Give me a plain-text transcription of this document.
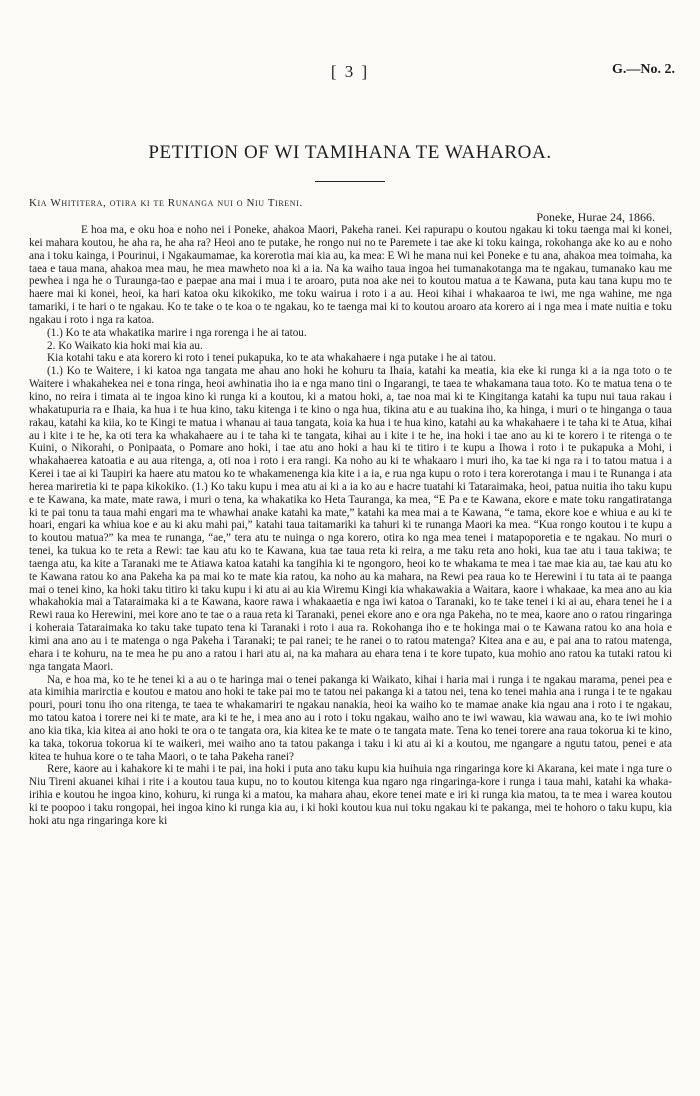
[ 3 ]	G.—No. 2.
PETITION OF WI TAMIHANA TE WAHAROA.
Kia Whititera, otira ki te Runanga nui o Niu Tireni.
Poneke, Hurae 24, 1866.

E hoa ma, e oku hoa e noho nei i Poneke, ahakoa Maori, Pakeha ranei. Kei rapurapu o koutou ngakau ki toku taenga mai ki konei, kei mahara koutou, he aha ra, he aha ra? Heoi ano te putake, he rongo nui no te Paremete i tae ake ki toku kainga, rokohanga ake ko au e noho ana i toku kainga, i Pourinui, i Ngakaumamae, ka korerotia mai kia au, ka mea: E Wi he mana nui kei Poneke e tu ana, ahakoa mea toimaha, ka taea e taua mana, ahakoa mea mau, he mea mawheto noa ki a ia. Na ka waiho taua ingoa hei tumanakotanga ma te ngakau, tumanako kau me pewhea i nga he o Turaunga-tao e paepae ana mai i mua i te aroaro, puta noa ake nei to koutou matua a te Kawana, puta kau tana kupu mo te haere mai ki konei, heoi, ka hari katoa oku kikokiko, me toku wairua i roto i a au. Heoi kihai i whakaaroa te iwi, me nga wahine, me nga tamariki, i te hari o te ngakau. Ko te take o te koa o te ngakau, ko te taenga mai ki to koutou aroaro ata korero ai i nga mea i mate nuitia e toku ngakau i roto i nga ra katoa.

(1.) Ko te ata whakatika marire i nga rorenga i he ai tatou.

2. Ko Waikato kia hoki mai kia au.

Kia kotahi taku e ata korero ki roto i tenei pukapuka, ko te ata whakahaere i nga putake i he ai tatou.

(1.) Ko te Waitere, i ki katoa nga tangata me ahau ano hoki he kohuru ta Ihaia, katahi ka meatia, kia eke ki runga ki a ia nga toto o te Waitere i whakahekea nei e tona ringa, heoi awhinatia iho ia e nga mano tini o Ingarangi, te taea te whakamana taua toto. Ko te matua tena o te kino, no reira i timata ai te ingoa kino ki runga ki a koutou, ki a matou hoki, a, tae noa mai ki te Kingitanga katahi ka tupu nui taua rakau i whakatupuria ra e Ihaia, ka hua i te hua kino, taku kitenga i te kino o nga hua, tikina atu e au tuakina iho, ka hinga, i muri o te hinganga o taua rakau, katahi ka kiia, ko te Kingi te matua i whanau ai taua tangata, koia ka hua i te hua kino, katahi au ka whakahaere i te taha ki te Atua, kihai au i kite i te he, ka oti tera ka whakahaere au i te taha ki te tangata, kihai au i kite i te he, ina hoki i tae ano au ki te korero i te ritenga o te Kuini, o Nikorahi, o Ponipaata, o Pomare ano hoki, i tae atu ano hoki a hau ki te titiro i te kupu a Ihowa i roto i te pukapuka a Mohi, i whakahaerea katoatia e au aua ritenga, a, oti noa i roto i era rangi. Ka noho au ki te whakaaro i muri iho, ka tae ki nga ra i to tatou matua i a Kerei i tae ai ki Taupiri ka haere atu matou ko te whakamenenga kia kite i a ia, e rua nga kupu o roto i tera korerotanga i mau i te Runanga i ata herea mariretia ki te papa kikokiko. (1.) Ko taku kupu i mea atu ai ki a ia ko au e hacre tuatahi ki Tataraimaka, heoi, patua nuitia iho taku kupu e te Kawana, ka mate, mate rawa, i muri o tena, ka whakatika ko Heta Tauranga, ka mea, “E Pa e te Kawana, ekore e mate toku rangatiratanga ki te pai tonu ta taua mahi engari ma te whawhai anake katahi ka mate,” katahi ka mea mai a te Kawana, “e tama, ekore koe e whiua e au ki te hoari, engari ka whiua koe e au ki aku mahi pai,” katahi taua taitamariki ka tahuri ki te runanga Maori ka mea. “Kua rongo koutou i te kupu a to koutou matua?” ka mea te runanga, “ae,” tera atu te nuinga o nga korero, otira ko nga mea tenei i matapoporetia e te ngakau. No muri o tenei, ka tukua ko te reta a Rewi: tae kau atu ko te Kawana, kua tae taua reta ki reira, a me taku reta ano hoki, kua tae atu i taua takiwa; te taenga atu, ka kite a Taranaki me te Atiawa katoa katahi ka tangihia ki te ngongoro, heoi ko te whakama te mea i tae mae kia au, tae kau atu ko te Kawana ratou ko ana Pakeha ka pa mai ko te mate kia ratou, ka noho au ka mahara, na Rewi pea raua ko te Herewini i tu tata ai te paanga mai o tenei kino, ka hoki taku titiro ki taku kupu i ki atu ai au kia Wiremu Kingi kia whakawakia a Waitara, kaore i whakaae, ka mea ano au kia whakahokia mai a Tataraimaka ki a te Kawana, kaore rawa i whakaaetia e nga iwi katoa o Taranaki, ko te take tenei i ki ai au, ehara tenei he i a Rewi raua ko Herewini, mei kore ano te tae o a raua reta ki Taranaki, penei ekore ano e ora nga Pakeha, no te mea, kaore ano o ratou ringaringa i koheraia Tataraimaka ko taku take tupato tena ki Taranaki i roto i aua ra. Rokohanga iho e te hokinga mai o te Kawana ratou ko ana hoia e kimi ana ano au i te matenga o nga Pakeha i Taranaki; te pai ranei; te he ranei o to ratou matenga? Kitea ana e au, e pai ana to ratou matenga, ehara i te kohuru, na te mea he pu ano a ratou i hari atu ai, na ka mahara au ehara tena i te kore tupato, kua mohio ano ratou ka tutaki ratou ki nga tangata Maori.

Na, e hoa ma, ko te he tenei ki a au o te haringa mai o tenei pakanga ki Waikato, kihai i haria mai i runga i te ngakau marama, penei pea e ata kimihia marirctia e koutou e matou ano hoki te take pai mo te tatou nei pakanga ki a tatou nei, tena ko tenei mahia ana i runga i te te ngakau pouri, pouri tonu iho ona ritenga, te taea te whakamariri te ngakau nanakia, heoi ka waiho ko te mamae anake kia ngau ana i roto i te ngakau, mo tatou katoa i torere nei ki te mate, ara ki te he, i mea ano au i roto i toku ngakau, waiho ano te iwi wawau, kia wawau ana, ko te iwi mohio ano kia tika, kia kitea ai ano hoki te ora o te tangata ora, kia kitea ke te mate o te tangata mate. Tena ko tenei torere ana raua tokorua ki te kino, ka taka, tokorua tokorua ki te waikeri, mei waiho ano ta tatou pakanga i taku i ki atu ai ki a koutou, me ngangare a ngutu tatou, penei e ata kitea te huhua kore o te taha Maori, o te taha Pakeha ranei?

Rere, kaore au i kahakore ki te mahi i te pai, ina hoki i puta ano taku kupu kia huihuia nga ringaringa kore ki Akarana, kei mate i nga ture o Niu Tireni akuanei kihai i rite i a koutou taua kupu, no to koutou kitenga kua ngaro nga ringaringa-kore i runga i taua mahi, katahi ka whaka-irihia e koutou he ingoa kino, kohuru, ki runga ki a matou, ka mahara ahau, ekore tenei mate e iri ki runga kia matou, ta te mea i warea koutou ki te poopoo i taku rongopai, hei ingoa kino ki runga kia au, i ki hoki koutou kua nui toku ngakau ki te pakanga, mei te hohoro o taku kupu, kia hoki atu nga ringaringa kore ki
